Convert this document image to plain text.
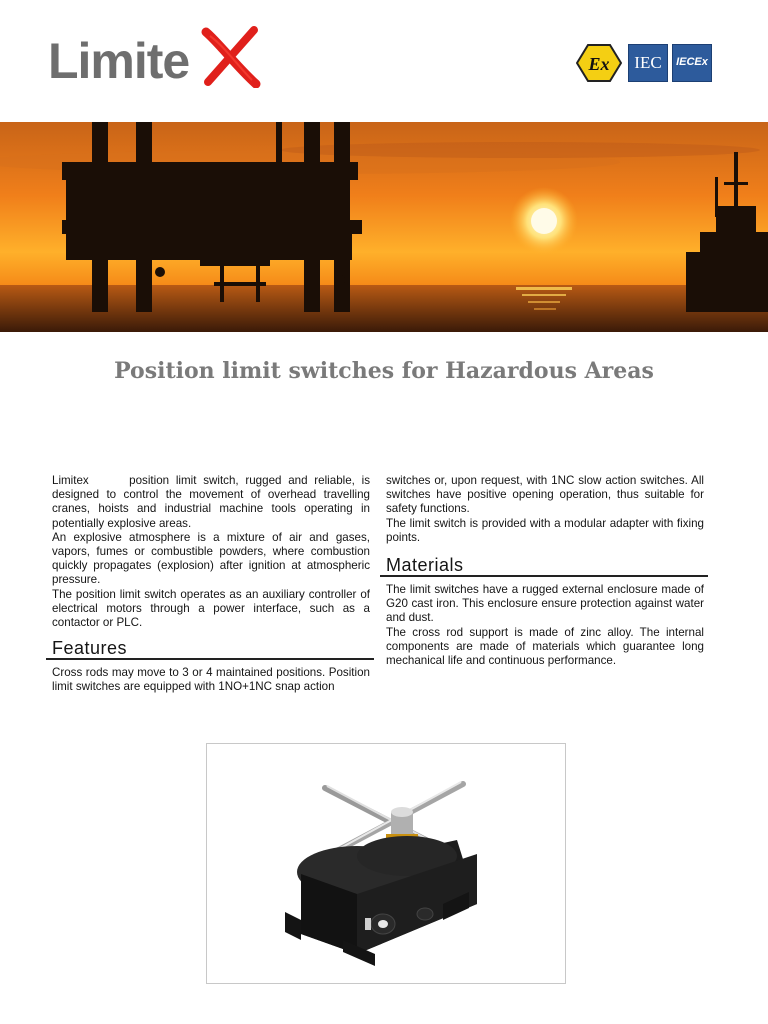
Limite	Ex	IEC	IECEx
Position limit switches for Hazardous Areas

Limitex      position limit switch, rugged and reliable, is designed to control the movement of overhead travelling cranes, hoists and industrial machine tools operating in potentially explosive areas.

An explosive atmosphere is a mixture of air and gases, vapors, fumes or combustible powders, where combustion quickly propagates (explosion) after ignition at atmospheric pressure.

The position limit switch operates as an auxiliary controller of electrical motors through a power interface, such as a contactor or PLC.

Features

Cross rods may move to 3 or 4 maintained positions. Position limit switches are equipped with 1NO+1NC snap action

switches or, upon request, with 1NC slow action switches. All switches have positive opening operation, thus suitable for safety functions.

The limit switch is provided with a modular adapter with fixing points.

Materials

The limit switches have a rugged external enclosure made of G20 cast iron. This enclosure ensure protection against water and dust.

The cross rod support is made of zinc alloy. The internal components are made of materials which guarantee long mechanical life and continuous performance.
